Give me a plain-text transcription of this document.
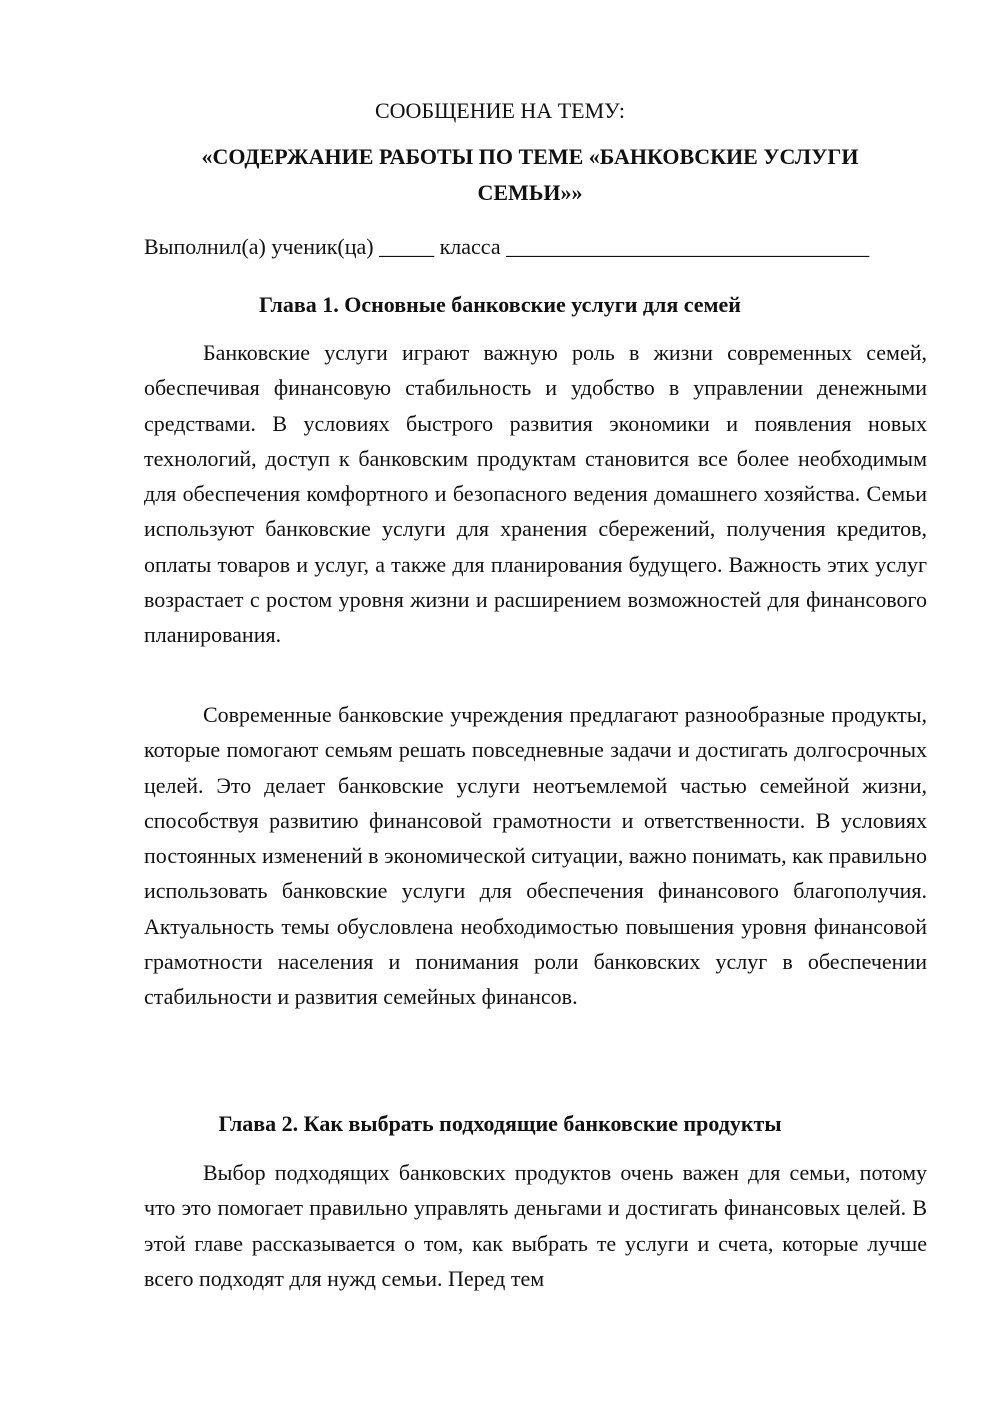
СООБЩЕНИЕ НА ТЕМУ:
«СОДЕРЖАНИЕ РАБОТЫ ПО ТЕМЕ «БАНКОВСКИЕ УСЛУГИ СЕМЬИ»»
Выполнил(а) ученик(ца) _____ класса _________________________________
Глава 1. Основные банковские услуги для семей

Банковские услуги играют важную роль в жизни современных семей, обеспечивая финансовую стабильность и удобство в управлении денежными средствами. В условиях быстрого развития экономики и появления новых технологий, доступ к банковским продуктам становится все более необходимым для обеспечения комфортного и безопасного ведения домашнего хозяйства. Семьи используют банковские услуги для хранения сбережений, получения кредитов, оплаты товаров и услуг, а также для планирования будущего. Важность этих услуг возрастает с ростом уровня жизни и расширением возможностей для финансового планирования.

Современные банковские учреждения предлагают разнообразные продукты, которые помогают семьям решать повседневные задачи и достигать долгосрочных целей. Это делает банковские услуги неотъемлемой частью семейной жизни, способствуя развитию финансовой грамотности и ответственности. В условиях постоянных изменений в экономической ситуации, важно понимать, как правильно использовать банковские услуги для обеспечения финансового благополучия. Актуальность темы обусловлена необходимостью повышения уровня финансовой грамотности населения и понимания роли банковских услуг в обеспечении стабильности и развития семейных финансов.

Глава 2. Как выбрать подходящие банковские продукты

Выбор подходящих банковских продуктов очень важен для семьи, потому что это помогает правильно управлять деньгами и достигать финансовых целей. В этой главе рассказывается о том, как выбрать те услуги и счета, которые лучше всего подходят для нужд семьи. Перед тем
